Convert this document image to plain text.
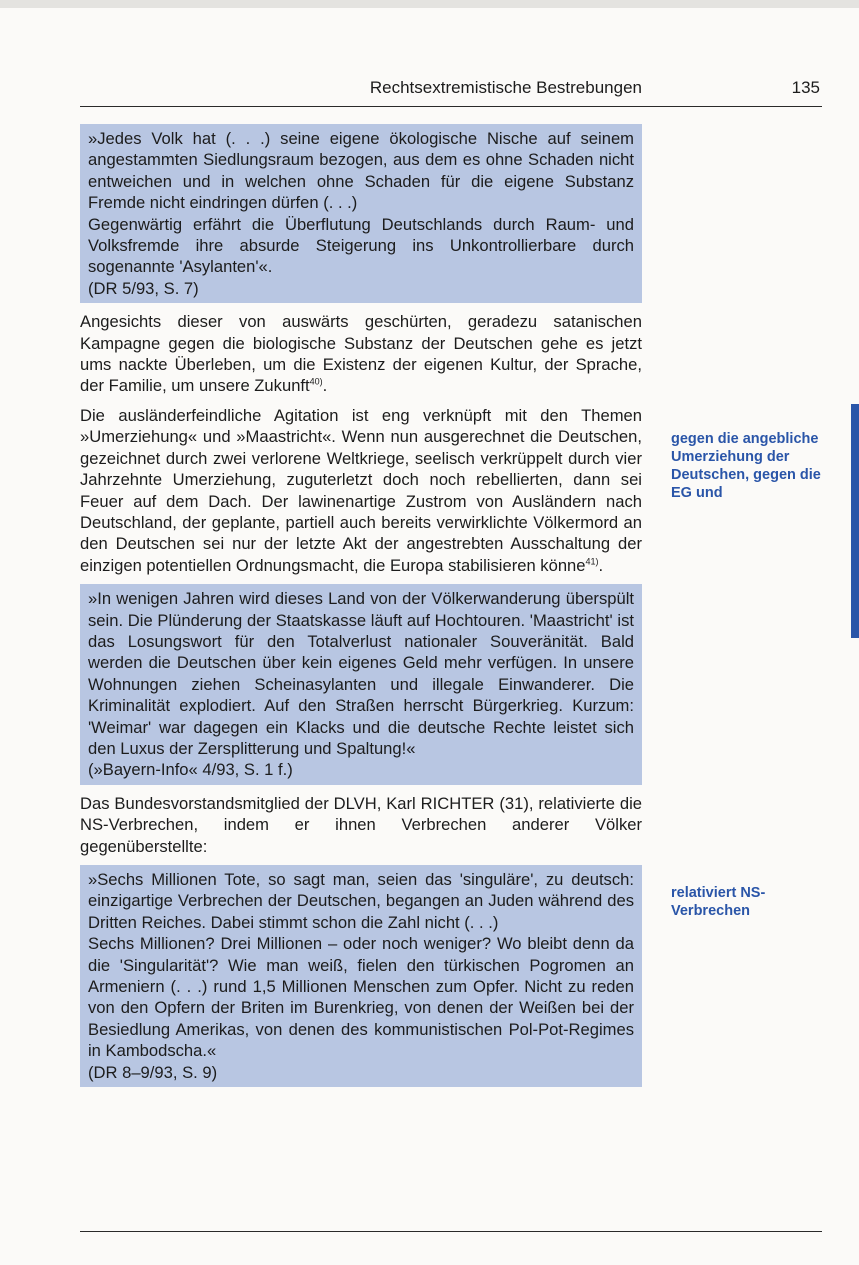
Rechtsextremistische Bestrebungen	135
»Jedes Volk hat (. . .) seine eigene ökologische Nische auf seinem angestammten Siedlungsraum bezogen, aus dem es ohne Schaden nicht entweichen und in welchen ohne Schaden für die eigene Substanz Fremde nicht eindringen dürfen (. . .)
Gegenwärtig erfährt die Überflutung Deutschlands durch Raum- und Volksfremde ihre absurde Steigerung ins Unkontrollierbare durch sogenannte 'Asylanten'«.
(DR 5/93, S. 7)

Angesichts dieser von auswärts geschürten, geradezu satanischen Kampagne gegen die biologische Substanz der Deutschen gehe es jetzt ums nackte Überleben, um die Existenz der eigenen Kultur, der Sprache, der Familie, um unsere Zukunft$^{40)}$.

Die ausländerfeindliche Agitation ist eng verknüpft mit den Themen »Umerziehung« und »Maastricht«. Wenn nun ausgerechnet die Deutschen, gezeichnet durch zwei verlorene Weltkriege, seelisch verkrüppelt durch vier Jahrzehnte Umerziehung, zuguterletzt doch noch rebellierten, dann sei Feuer auf dem Dach. Der lawinenartige Zustrom von Ausländern nach Deutschland, der geplante, partiell auch bereits verwirklichte Völkermord an den Deutschen sei nur der letzte Akt der angestrebten Ausschaltung der einzigen potentiellen Ordnungsmacht, die Europa stabilisieren könne$^{41)}$.

»In wenigen Jahren wird dieses Land von der Völkerwanderung überspült sein. Die Plünderung der Staatskasse läuft auf Hochtouren. 'Maastricht' ist das Losungswort für den Totalverlust nationaler Souveränität. Bald werden die Deutschen über kein eigenes Geld mehr verfügen. In unsere Wohnungen ziehen Scheinasylanten und illegale Einwanderer. Die Kriminalität explodiert. Auf den Straßen herrscht Bürgerkrieg. Kurzum: 'Weimar' war dagegen ein Klacks und die deutsche Rechte leistet sich den Luxus der Zersplitterung und Spaltung!«
(»Bayern-Info« 4/93, S. 1 f.)

Das Bundesvorstandsmitglied der DLVH, Karl RICHTER (31), relativierte die NS-Verbrechen, indem er ihnen Verbrechen anderer Völker gegenüberstellte:

»Sechs Millionen Tote, so sagt man, seien das 'singuläre', zu deutsch: einzigartige Verbrechen der Deutschen, begangen an Juden während des Dritten Reiches. Dabei stimmt schon die Zahl nicht (. . .)
Sechs Millionen? Drei Millionen – oder noch weniger? Wo bleibt denn da die 'Singularität'? Wie man weiß, fielen den türkischen Pogromen an Armeniern (. . .) rund 1,5 Millionen Menschen zum Opfer. Nicht zu reden von den Opfern der Briten im Burenkrieg, von denen der Weißen bei der Besiedlung Amerikas, von denen des kommunistischen Pol-Pot-Regimes in Kambodscha.«
(DR 8–9/93, S. 9)
gegen die angebliche Umerziehung der Deutschen, gegen die EG und
relativiert NS-Verbrechen
